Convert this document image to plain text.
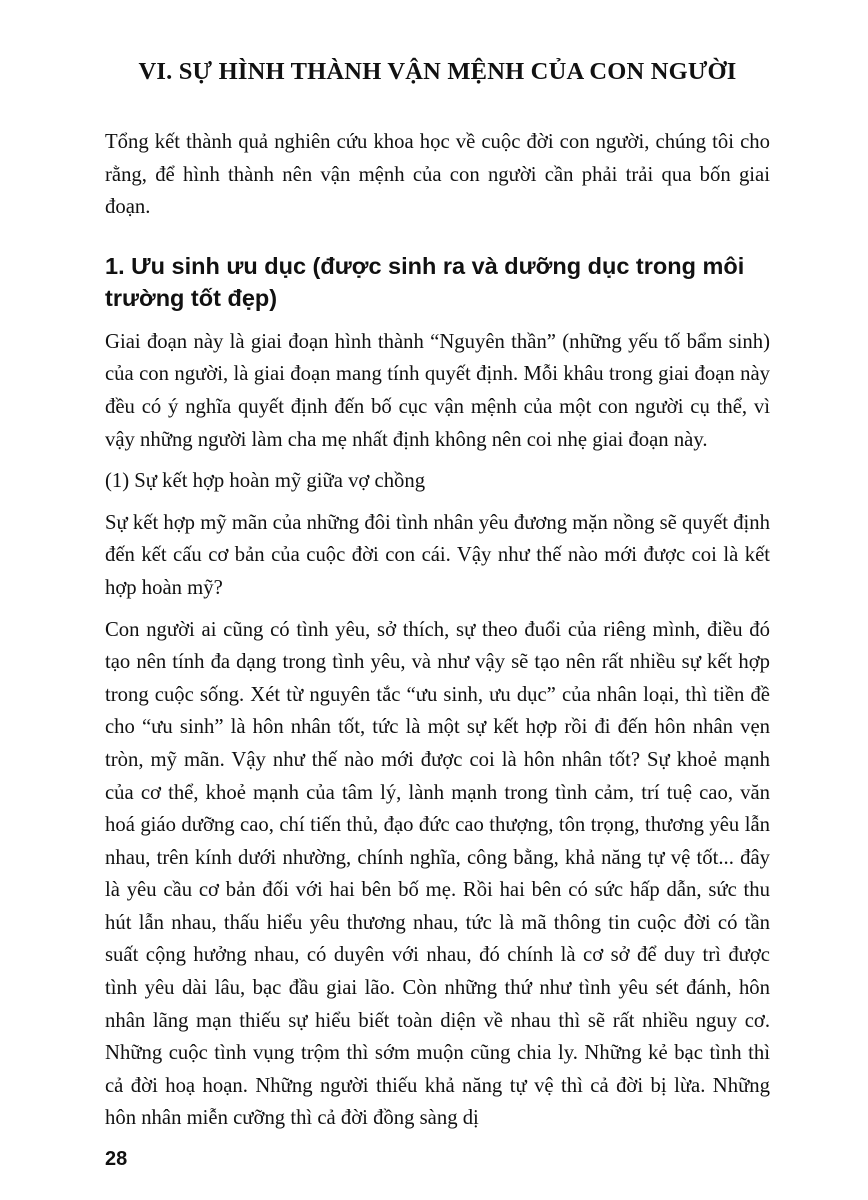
VI. SỰ HÌNH THÀNH VẬN MỆNH CỦA CON NGƯỜI

Tổng kết thành quả nghiên cứu khoa học về cuộc đời con người, chúng tôi cho rằng, để hình thành nên vận mệnh của con người cần phải trải qua bốn giai đoạn.

1. Ưu sinh ưu dục (được sinh ra và dưỡng dục trong môi trường tốt đẹp)

Giai đoạn này là giai đoạn hình thành “Nguyên thần” (những yếu tố bẩm sinh) của con người, là giai đoạn mang tính quyết định. Mỗi khâu trong giai đoạn này đều có ý nghĩa quyết định đến bố cục vận mệnh của một con người cụ thể, vì vậy những người làm cha mẹ nhất định không nên coi nhẹ giai đoạn này.

(1) Sự kết hợp hoàn mỹ giữa vợ chồng

Sự kết hợp mỹ mãn của những đôi tình nhân yêu đương mặn nồng sẽ quyết định đến kết cấu cơ bản của cuộc đời con cái. Vậy như thế nào mới được coi là kết hợp hoàn mỹ?

Con người ai cũng có tình yêu, sở thích, sự theo đuổi của riêng mình, điều đó tạo nên tính đa dạng trong tình yêu, và như vậy sẽ tạo nên rất nhiều sự kết hợp trong cuộc sống. Xét từ nguyên tắc “ưu sinh, ưu dục” của nhân loại, thì tiền đề cho “ưu sinh” là hôn nhân tốt, tức là một sự kết hợp rồi đi đến hôn nhân vẹn tròn, mỹ mãn. Vậy như thế nào mới được coi là hôn nhân tốt? Sự khoẻ mạnh của cơ thể, khoẻ mạnh của tâm lý, lành mạnh trong tình cảm, trí tuệ cao, văn hoá giáo dưỡng cao, chí tiến thủ, đạo đức cao thượng, tôn trọng, thương yêu lẫn nhau, trên kính dưới nhường, chính nghĩa, công bằng, khả năng tự vệ tốt... đây là yêu cầu cơ bản đối với hai bên bố mẹ. Rồi hai bên có sức hấp dẫn, sức thu hút lẫn nhau, thấu hiểu yêu thương nhau, tức là mã thông tin cuộc đời có tần suất cộng hưởng nhau, có duyên với nhau, đó chính là cơ sở để duy trì được tình yêu dài lâu, bạc đầu giai lão. Còn những thứ như tình yêu sét đánh, hôn nhân lãng mạn thiếu sự hiểu biết toàn diện về nhau thì sẽ rất nhiều nguy cơ. Những cuộc tình vụng trộm thì sớm muộn cũng chia ly. Những kẻ bạc tình thì cả đời hoạ hoạn. Những người thiếu khả năng tự vệ thì cả đời bị lừa. Những hôn nhân miễn cưỡng thì cả đời đồng sàng dị

28
